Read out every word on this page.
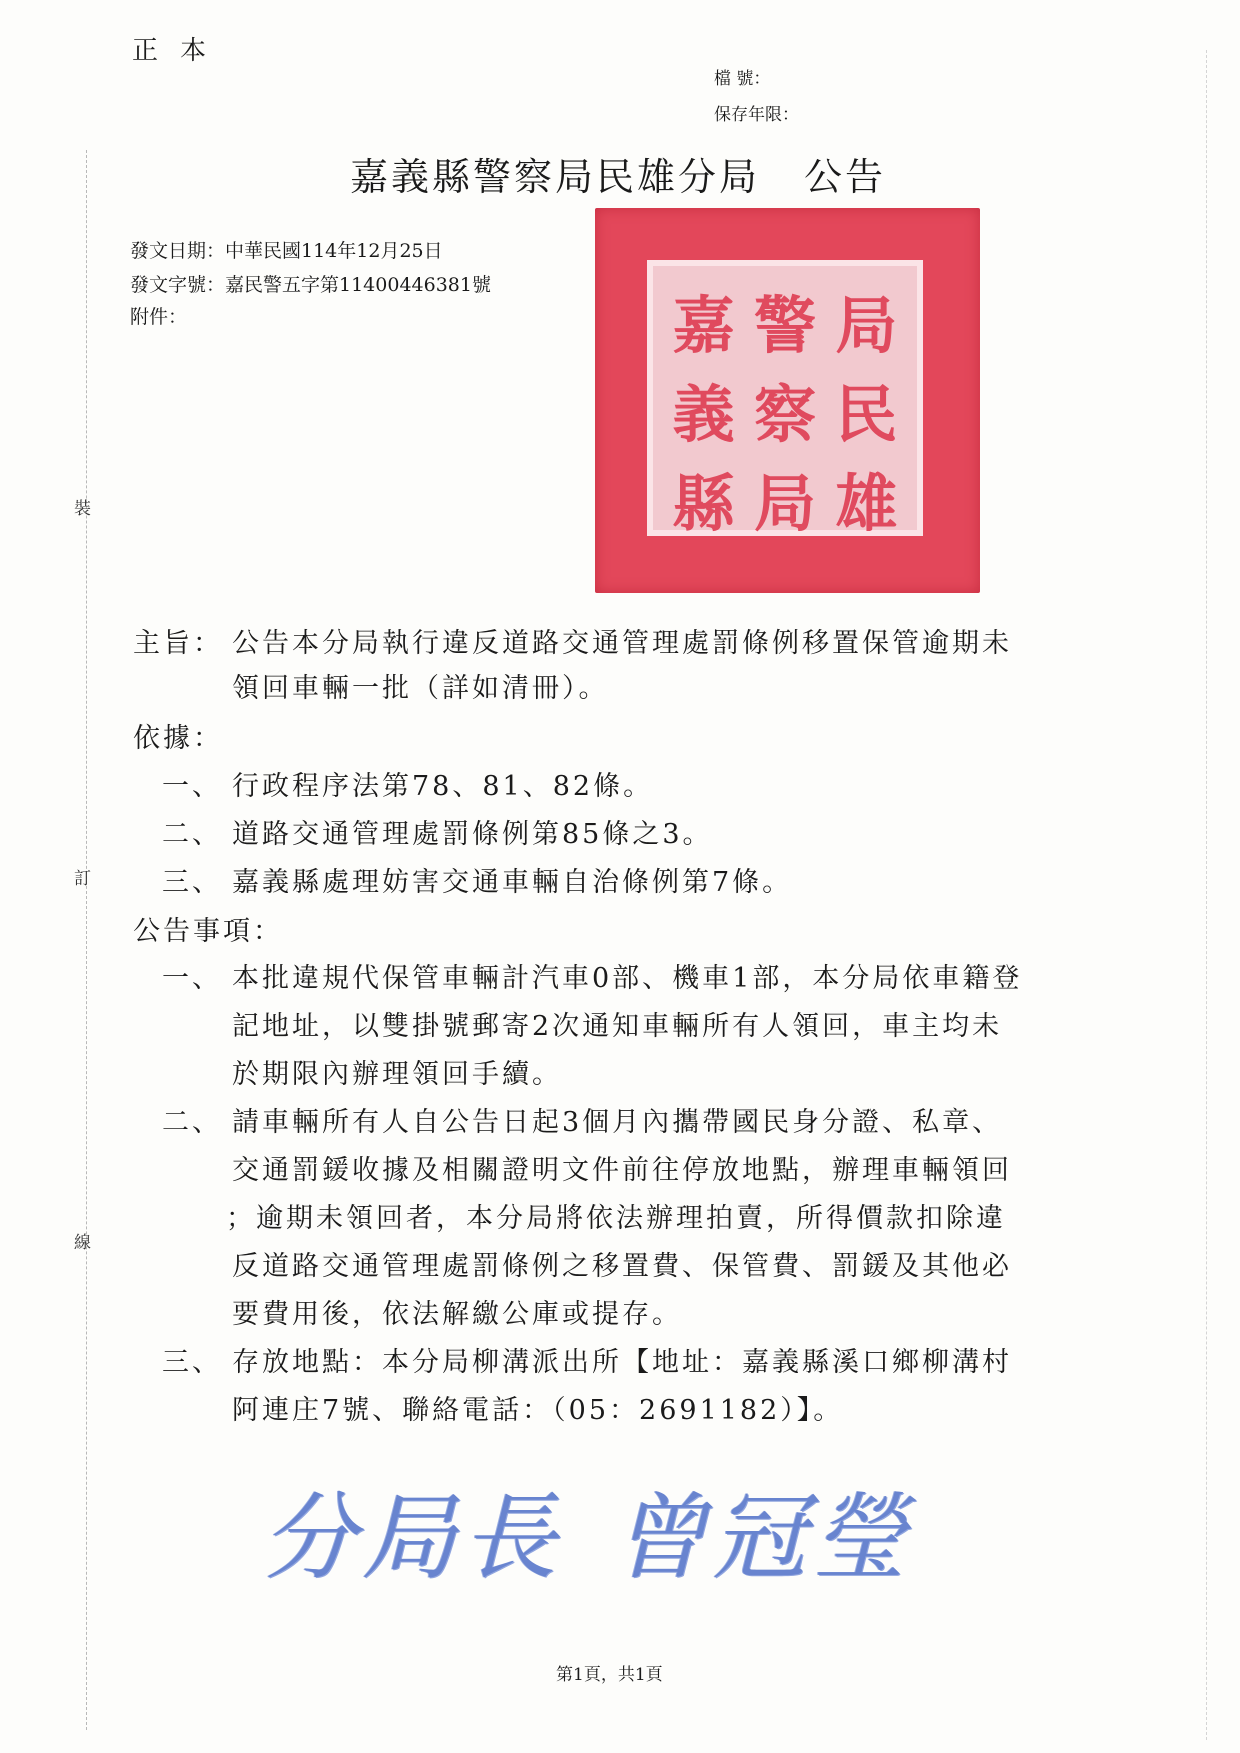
正本
檔 號：
保存年限：
嘉義縣警察局民雄分局 公告
發文日期：中華民國114年12月25日
發文字號：嘉民警五字第11400446381號
附件：
裝
訂
線
嘉 警 局
義 察 民
縣 局 雄
主旨： 公告本分局執行違反道路交通管理處罰條例移置保管逾期未
領回車輛一批（詳如清冊）。
依據：
一、 行政程序法第78、81、82條。
二、 道路交通管理處罰條例第85條之3。
三、 嘉義縣處理妨害交通車輛自治條例第7條。
公告事項：
一、 本批違規代保管車輛計汽車0部、機車1部，本分局依車籍登
記地址，以雙掛號郵寄2次通知車輛所有人領回，車主均未
於期限內辦理領回手續。
二、 請車輛所有人自公告日起3個月內攜帶國民身分證、私章、
交通罰鍰收據及相關證明文件前往停放地點，辦理車輛領回
；逾期未領回者，本分局將依法辦理拍賣，所得價款扣除違
反道路交通管理處罰條例之移置費、保管費、罰鍰及其他必
要費用後，依法解繳公庫或提存。
三、 存放地點：本分局柳溝派出所【地址：嘉義縣溪口鄉柳溝村
阿連庄7號、聯絡電話：（05：2691182）】。
分局長 曾冠瑩
第1頁，共1頁
